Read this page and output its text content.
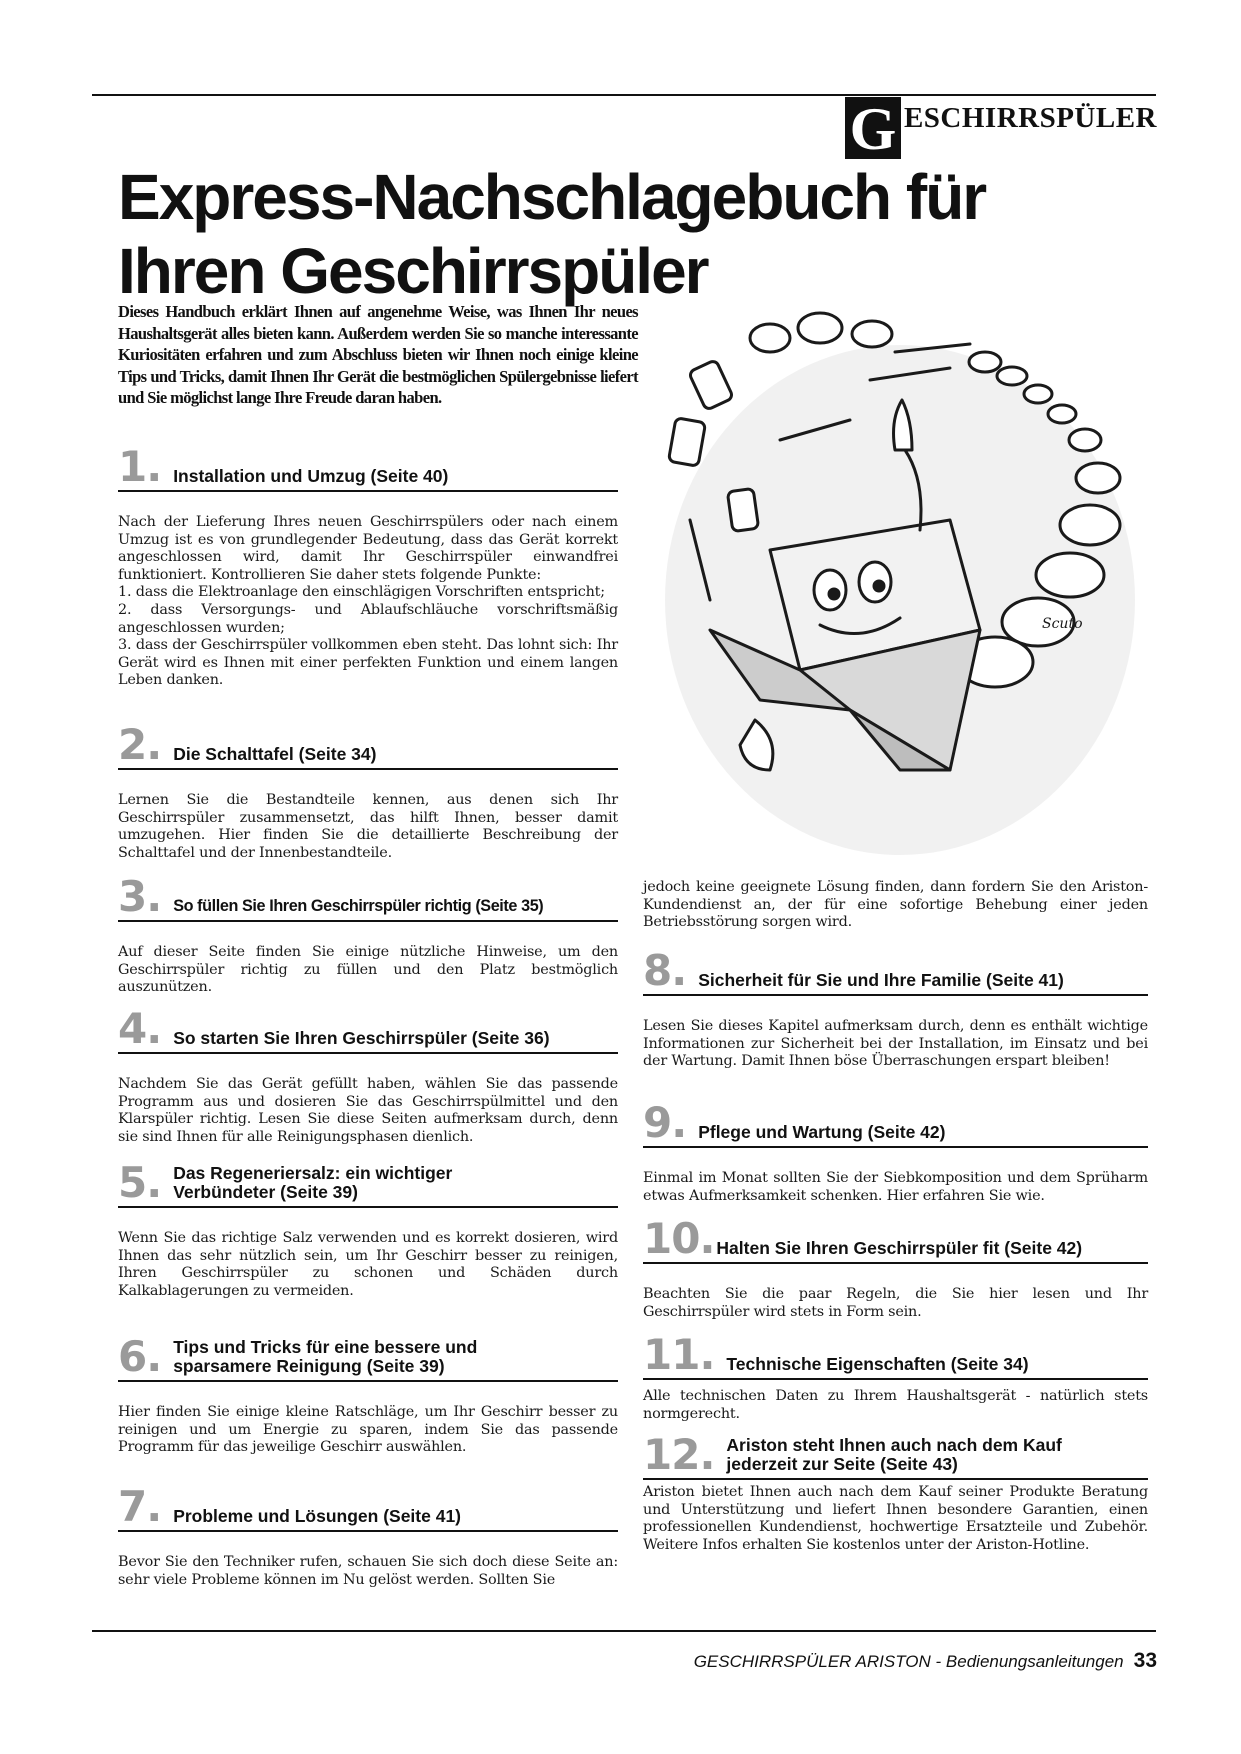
G ESCHIRRSPÜLER
Express-Nachschlagebuch für Ihren Geschirrspüler

Dieses Handbuch erklärt Ihnen auf angenehme Weise, was Ihnen Ihr neues Haushaltsgerät alles bieten kann. Außerdem werden Sie so manche interessante Kuriositäten erfahren und zum Abschluss bieten wir Ihnen noch einige kleine Tips und Tricks, damit Ihnen Ihr Gerät die bestmöglichen Spülergebnisse liefert und Sie möglichst lange Ihre Freude daran haben.

Scuto
1. Installation und Umzug (Seite 40)
Nach der Lieferung Ihres neuen Geschirrspülers oder nach einem Umzug ist es von grundlegender Bedeutung, dass das Gerät korrekt angeschlossen wird, damit Ihr Geschirrspüler einwandfrei funktioniert. Kontrollieren Sie daher stets folgende Punkte:
1. dass die Elektroanlage den einschlägigen Vorschriften entspricht;
2. dass Versorgungs- und Ablaufschläuche vorschriftsmäßig angeschlossen wurden;
3. dass der Geschirrspüler vollkommen eben steht. Das lohnt sich: Ihr Gerät wird es Ihnen mit einer perfekten Funktion und einem langen Leben danken.
2. Die Schalttafel (Seite 34)

Lernen Sie die Bestandteile kennen, aus denen sich Ihr Geschirrspüler zusammensetzt, das hilft Ihnen, besser damit umzugehen. Hier finden Sie die detaillierte Beschreibung der Schalttafel und der Innenbestandteile.

3. So füllen Sie Ihren Geschirrspüler richtig (Seite 35)

Auf dieser Seite finden Sie einige nützliche Hinweise, um den Geschirrspüler richtig zu füllen und den Platz bestmöglich auszunützen.

4. So starten Sie Ihren Geschirrspüler (Seite 36)

Nachdem Sie das Gerät gefüllt haben, wählen Sie das passende Programm aus und dosieren Sie das Geschirrspülmittel und den Klarspüler richtig. Lesen Sie diese Seiten aufmerksam durch, denn sie sind Ihnen für alle Reinigungsphasen dienlich.

5. Das Regeneriersalz: ein wichtiger Verbündeter (Seite 39)

Wenn Sie das richtige Salz verwenden und es korrekt dosieren, wird Ihnen das sehr nützlich sein, um Ihr Geschirr besser zu reinigen, Ihren Geschirrspüler zu schonen und Schäden durch Kalkablagerungen zu vermeiden.

6. Tips und Tricks für eine bessere und sparsamere Reinigung (Seite 39)

Hier finden Sie einige kleine Ratschläge, um Ihr Geschirr besser zu reinigen und um Energie zu sparen, indem Sie das passende Programm für das jeweilige Geschirr auswählen.

7. Probleme und Lösungen (Seite 41)

Bevor Sie den Techniker rufen, schauen Sie sich doch diese Seite an: sehr viele Probleme können im Nu gelöst werden. Sollten Sie

jedoch keine geeignete Lösung finden, dann fordern Sie den Ariston-Kundendienst an, der für eine sofortige Behebung einer jeden Betriebsstörung sorgen wird.

8. Sicherheit für Sie und Ihre Familie (Seite 41)

Lesen Sie dieses Kapitel aufmerksam durch, denn es enthält wichtige Informationen zur Sicherheit bei der Installation, im Einsatz und bei der Wartung. Damit Ihnen böse Überraschungen erspart bleiben!

9. Pflege und Wartung (Seite 42)

Einmal im Monat sollten Sie der Siebkomposition und dem Sprüharm etwas Aufmerksamkeit schenken. Hier erfahren Sie wie.

10. Halten Sie Ihren Geschirrspüler fit (Seite 42)

Beachten Sie die paar Regeln, die Sie hier lesen und Ihr Geschirrspüler wird stets in Form sein.

11. Technische Eigenschaften (Seite 34)

Alle technischen Daten zu Ihrem Haushaltsgerät - natürlich stets normgerecht.

12. Ariston steht Ihnen auch nach dem Kauf jederzeit zur Seite (Seite 43)

Ariston bietet Ihnen auch nach dem Kauf seiner Produkte Beratung und Unterstützung und liefert Ihnen besondere Garantien, einen professionellen Kundendienst, hochwertige Ersatzteile und Zubehör. Weitere Infos erhalten Sie kostenlos unter der Ariston-Hotline.

GESCHIRRSPÜLER ARISTON - Bedienungsanleitungen 33
